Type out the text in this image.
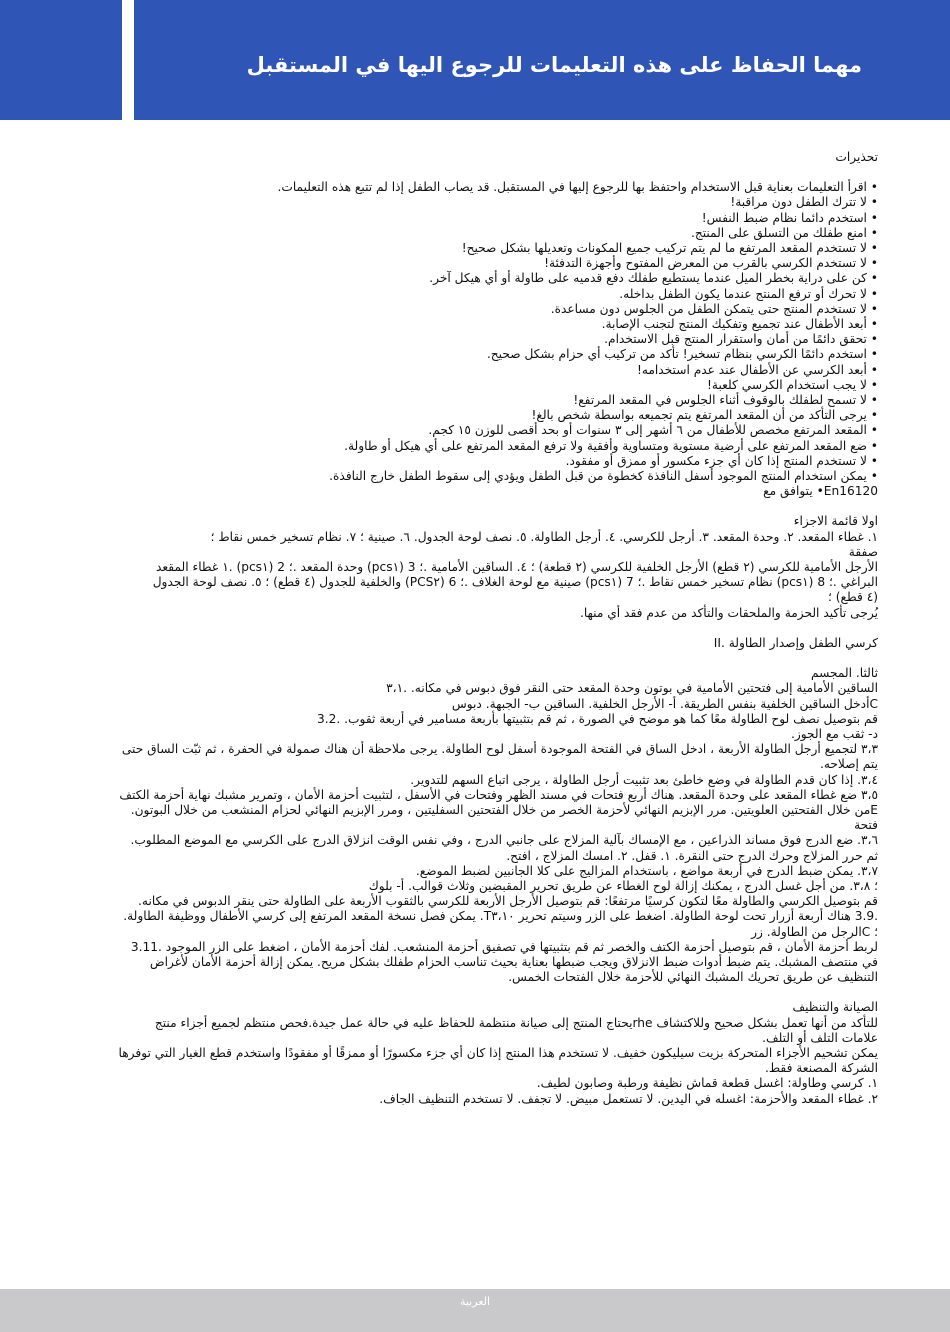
مهما الحفاظ على هذه التعليمات للرجوع اليها في المستقبل

تحذيرات

• اقرأ التعليمات بعناية قبل الاستخدام واحتفظ بها للرجوع إليها في المستقبل. قد يصاب الطفل إذا لم تتبع هذه التعليمات.

• لا تترك الطفل دون مراقبة!

• استخدم دائما نظام ضبط النفس!

• امنع طفلك من التسلق على المنتج.

• لا تستخدم المقعد المرتفع ما لم يتم تركيب جميع المكونات وتعديلها بشكل صحيح!

• لا تستخدم الكرسي بالقرب من المعرض المفتوح وأجهزة التدفئة!

• كن على دراية بخطر الميل عندما يستطيع طفلك دفع قدميه على طاولة أو أي هيكل آخر.

• لا تحرك أو ترفع المنتج عندما يكون الطفل بداخله.

• لا تستخدم المنتج حتى يتمكن الطفل من الجلوس دون مساعدة.

• أبعد الأطفال عند تجميع وتفكيك المنتج لتجنب الإصابة.

• تحقق دائمًا من أمان واستقرار المنتج قبل الاستخدام.

• استخدم دائمًا الكرسي بنظام تسخير! تأكد من تركيب أي حزام بشكل صحيح.

• أبعد الكرسي عن الأطفال عند عدم استخدامه!

• لا يجب استخدام الكرسي كلعبة!

• لا تسمح لطفلك بالوقوف أثناء الجلوس في المقعد المرتفع!

• يرجى التأكد من أن المقعد المرتفع يتم تجميعه بواسطة شخص بالغ!

• المقعد المرتفع مخصص للأطفال من ٦ أشهر إلى ٣ سنوات أو بحد أقصى للوزن ١٥ كجم.

• ضع المقعد المرتفع على أرضية مستوية ومتساوية وأفقية ولا ترفع المقعد المرتفع على أي هيكل أو طاولة.

• لا تستخدم المنتج إذا كان أي جزء مكسور أو ممزق أو مفقود.

• يمكن استخدام المنتج الموجود أسفل النافذة كخطوة من قبل الطفل ويؤدي إلى سقوط الطفل خارج النافذة.

En16120• يتوافق مع

اولا قائمة الاجزاء

١. غطاء المقعد. ٢. وحدة المقعد. ٣. أرجل للكرسي. ٤. أرجل الطاولة. ٥. نصف لوحة الجدول. ٦. صينية ؛ ٧. نظام تسخير خمس نقاط ؛

صفقة

الأرجل الأمامية للكرسي (٢ قطع) الأرجل الخلفية للكرسي (٢ قطعة) ؛ ٤. الساقين الأمامية .؛ 3 (pcs١) وحدة المقعد .؛ 2 (pcs١) .١ غطاء المقعد

البراغي .؛ 8 (pcs١) نظام تسخير خمس نقاط .؛ 7 (pcs١) صينية مع لوحة الغلاف .؛ 6 (PCS٢) والخلفية للجدول (٤ قطع) ؛ ٥. نصف لوحة الجدول

(٤ قطع) ؛

يُرجى تأكيد الحزمة والملحقات والتأكد من عدم فقد أي منها.

كرسي الطفل وإصدار الطاولة .II

ثالثا. المجسم

الساقين الأمامية إلى فتحتين الأمامية في بوتون وحدة المقعد حتى النقر فوق دبوس في مكانه. .٣،١

Cأدخل الساقين الخلفية بنفس الطريقة. أ- الأرجل الخلفية. الساقين ب- الجبهة. دبوس

قم بتوصيل نصف لوح الطاولة معًا كما هو موضح في الصورة ، ثم قم بتثبيتها بأربعة مسامير في أربعة ثقوب. .3.2

د- ثقب مع الجوز.

٣،٣ لتجميع أرجل الطاولة الأربعة ، ادخل الساق في الفتحة الموجودة أسفل لوح الطاولة. يرجى ملاحظة أن هناك صمولة في الحفرة ، ثم ثبّت الساق حتى يتم إصلاحه.

٣،٤. إذا كان قدم الطاولة في وضع خاطئ بعد تثبيت أرجل الطاولة ، يرجى اتباع السهم للتدوير.

٣،٥ ضع غطاء المقعد على وحدة المقعد. هناك أربع فتحات في مسند الظهر وفتحات في الأسفل ، لتثبيت أحزمة الأمان ، وتمرير مشبك نهاية أحزمة الكتف Eمن خلال الفتحتين العلويتين. مرر الإبزيم النهائي لأحزمة الخصر من خلال الفتحتين السفليتين ، ومرر الإبزيم النهائي لحزام المنشعب من خلال البوتون. فتحة

٣،٦. ضع الدرج فوق مساند الذراعين ، مع الإمساك بآلية المزلاج على جانبي الدرج ، وفي نفس الوقت انزلاق الدرج على الكرسي مع الموضع المطلوب. ثم حرر المزلاج وحرك الدرج حتى النقرة. ١. قفل. ٢. امسك المزلاج ، افتح.

٣،٧. يمكن ضبط الدرج في أربعة مواضع ، باستخدام المزاليج على كلا الجانبين لضبط الموضع.

؛ ٣،٨. من أجل غسل الدرج ، يمكنك إزالة لوح الغطاء عن طريق تحرير المقبضين وثلاث قوالب. أ- بلوك

قم بتوصيل الكرسي والطاولة معًا لتكون كرسيًا مرتفعًا: قم بتوصيل الأرجل الأربعة للكرسي بالثقوب الأربعة على الطاولة حتى ينقر الدبوس في مكانه. .3.9 هناك أربعة أزرار تحت لوحة الطاولة. اضغط على الزر وسيتم تحرير T٣،١٠. يمكن فصل نسخة المقعد المرتفع إلى كرسي الأطفال ووظيفة الطاولة.

؛ Cالرجل من الطاولة. زر

لربط أحزمة الأمان ، قم بتوصيل أحزمة الكتف والخصر ثم قم بتثبيتها في تصفيق أحزمة المنشعب. لفك أحزمة الأمان ، اضغط على الزر الموجود .3.11 في منتصف المشبك. يتم ضبط أدوات ضبط الانزلاق ويجب ضبطها بعناية بحيث تناسب الحزام طفلك بشكل مريح. يمكن إزالة أحزمة الأمان لأغراض التنظيف عن طريق تحريك المشبك النهائي للأحزمة خلال الفتحات الخمس.

الصيانة والتنظيف

للتأكد من أنها تعمل بشكل صحيح وللاكتشاف rheيحتاج المنتج إلى صيانة منتظمة للحفاظ عليه في حالة عمل جيدة.فحص منتظم لجميع أجزاء منتج علامات التلف أو التلف.

يمكن تشحيم الأجزاء المتحركة بزيت سيليكون خفيف. لا تستخدم هذا المنتج إذا كان أي جزء مكسورًا أو ممزقًا أو مفقودًا واستخدم قطع الغيار التي توفرها الشركة المصنعة فقط.

١. كرسي وطاولة: اغسل قطعة قماش نظيفة ورطبة وصابون لطيف.

٢. غطاء المقعد والأحزمة: اغسله في اليدين. لا تستعمل مبيض. لا تجفف. لا تستخدم التنظيف الجاف.

العربية
